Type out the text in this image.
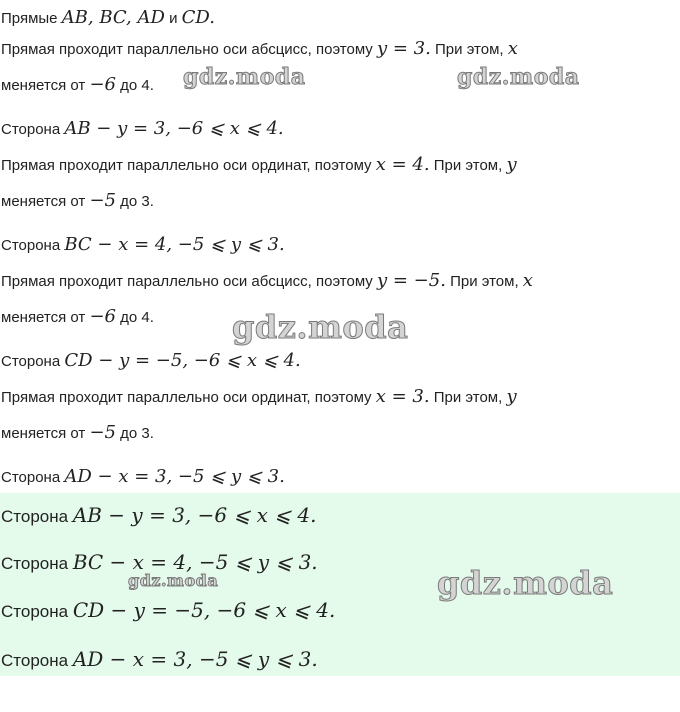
Прямые AB, BC, AD и CD.
Прямая проходит параллельно оси абсцисс, поэтому y = 3. При этом, x
меняется от −6 до 4.
Сторона AB − y = 3, −6 ⩽ x ⩽ 4.
Прямая проходит параллельно оси ординат, поэтому x = 4. При этом, y
меняется от −5 до 3.
Сторона BC − x = 4, −5 ⩽ y ⩽ 3.
Прямая проходит параллельно оси абсцисс, поэтому y = −5. При этом, x
меняется от −6 до 4.
Сторона CD − y = −5, −6 ⩽ x ⩽ 4.
Прямая проходит параллельно оси ординат, поэтому x = 3. При этом, y
меняется от −5 до 3.
Сторона AD − x = 3, −5 ⩽ y ⩽ 3.
Сторона AB − y = 3, −6 ⩽ x ⩽ 4.
Сторона BC − x = 4, −5 ⩽ y ⩽ 3.
Сторона CD − y = −5, −6 ⩽ x ⩽ 4.
Сторона AD − x = 3, −5 ⩽ y ⩽ 3.
gdz.moda	gdz.moda
gdz.moda
gdz.moda	gdz.moda
